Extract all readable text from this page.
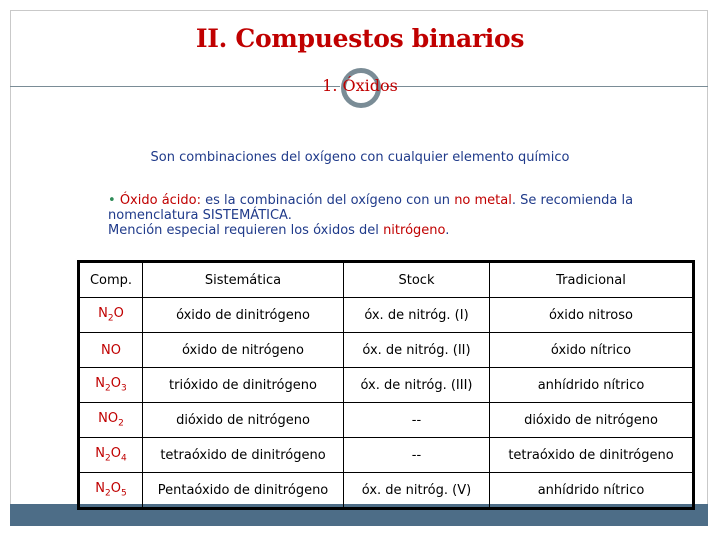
II. Compuestos binarios
1. Óxidos
Son combinaciones del oxígeno con cualquier elemento químico
• Óxido ácido: es la combinación del oxígeno con un no metal. Se recomienda la nomenclatura SISTEMÁTICA.
Mención especial requieren los óxidos del nitrógeno.
Comp.	Sistemática	Stock	Tradicional
$N_2O$	óxido de dinitrógeno	óx. de nitróg. (I)	óxido nitroso
NO	óxido de nitrógeno	óx. de nitróg. (II)	óxido nítrico
$N_2O_3$	trióxido de dinitrógeno	óx. de nitróg. (III)	anhídrido nítrico
$NO_2$	dióxido de nitrógeno	--	dióxido de nitrógeno
$N_2O_4$	tetraóxido de dinitrógeno	--	tetraóxido de dinitrógeno
$N_2O_5$	Pentaóxido de dinitrógeno	óx. de nitróg. (V)	anhídrido nítrico
